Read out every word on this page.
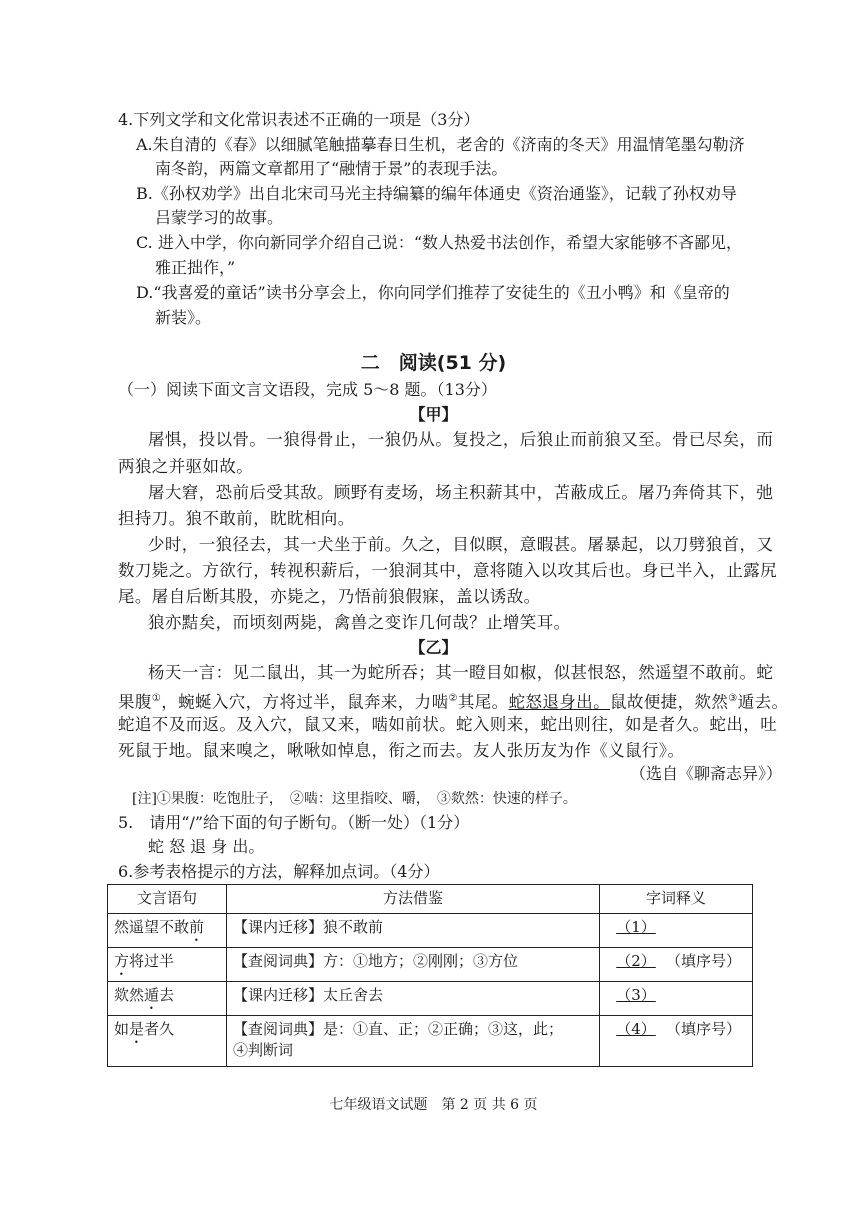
4.下列文学和文化常识表述不正确的一项是（3分）
A.朱自清的《春》以细腻笔触描摹春日生机，老舍的《济南的冬天》用温情笔墨勾勒济
南冬韵，两篇文章都用了“融情于景”的表现手法。
B.《孙权劝学》出自北宋司马光主持编纂的编年体通史《资治通鉴》，记载了孙权劝导
吕蒙学习的故事。
C. 进入中学，你向新同学介绍自己说：“数人热爱书法创作，希望大家能够不吝鄙见，
雅正拙作，”
D.“我喜爱的童话”读书分享会上，你向同学们推荐了安徒生的《丑小鸭》和《皇帝的
新装》。
二　阅读(51 分)
（一）阅读下面文言文语段，完成 5～8 题。（13分）
【甲】
屠惧，投以骨。一狼得骨止，一狼仍从。复投之，后狼止而前狼又至。骨已尽矣，而
两狼之并驱如故。
屠大窘，恐前后受其敌。顾野有麦场，场主积薪其中，苫蔽成丘。屠乃奔倚其下，弛
担持刀。狼不敢前，眈眈相向。
少时，一狼径去，其一犬坐于前。久之，目似瞑，意暇甚。屠暴起，以刀劈狼首，又
数刀毙之。方欲行，转视积薪后，一狼洞其中，意将随入以攻其后也。身已半入，止露尻
尾。屠自后断其股，亦毙之，乃悟前狼假寐，盖以诱敌。
狼亦黠矣，而顷刻两毙，禽兽之变诈几何哉？止增笑耳。
【乙】
杨天一言：见二鼠出，其一为蛇所吞；其一瞪目如椒，似甚恨怒，然遥望不敢前。蛇
果腹①，蜿蜒入穴，方将过半，鼠奔来，力啮②其尾。蛇怒退身出。鼠故便捷，欻然③遁去。
蛇追不及而返。及入穴，鼠又来，啮如前状。蛇入则来，蛇出则往，如是者久。蛇出，吐
死鼠于地。鼠来嗅之，啾啾如悼息，衔之而去。友人张历友为作《义鼠行》。
（选自《聊斋志异》）
[注]①果腹：吃饱肚子，　②啮：这里指咬、嚼，　③欻然：快速的样子。
5.　请用“/”给下面的句子断句。（断一处）（1分）
蛇 怒 退 身 出。
6.参考表格提示的方法，解释加点词。（4分）
文言语句	方法借鉴	字词释义
然遥望不敢前	【课内迁移】狼不敢前	（1）
方将过半	【查阅词典】方：①地方；②刚刚；③方位	（2） （填序号）
欻然遁去	【课内迁移】太丘舍去	（3）
如是者久	【查阅词典】是：①直、正；②正确；③这，此；
④判断词	（4） （填序号）
七年级语文试题　第 2 页 共 6 页
